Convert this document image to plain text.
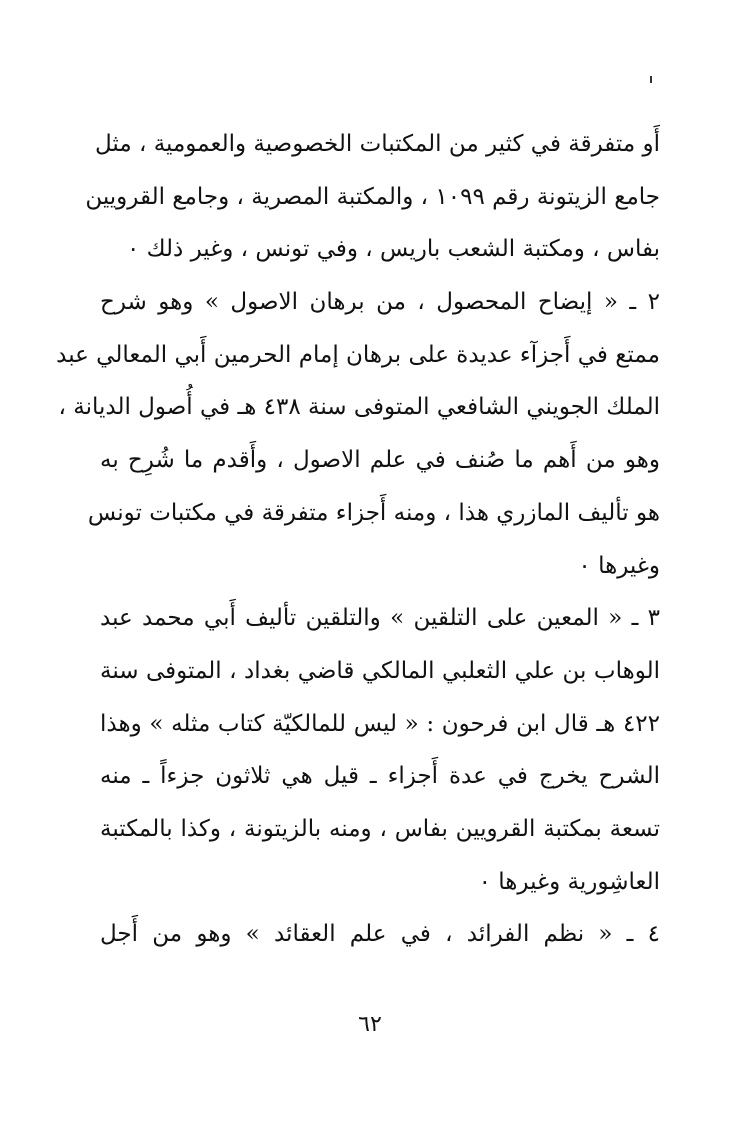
أَو متفرقة في كثير من المكتبات الخصوصية والعمومية ، مثل
جامع الزيتونة رقم ١٠٩٩ ، والمكتبة المصرية ، وجامع القرويين
بفاس ، ومكتبة الشعب باريس ، وفي تونس ، وغير ذلك ٠
٢ ـ « إيضاح المحصول ، من برهان الاصول » وهو شرح
ممتع في أَجزآء عديدة على برهان إمام الحرمين أَبي المعالي عبد
الملك الجويني الشافعي المتوفى سنة ٤٣٨ هـ في أُصول الديانة ،
وهو من أَهم ما صُنف في علم الاصول ، وأَقدم ما شُرِح به
هو تأليف المازري هذا ، ومنه أَجزاء متفرقة في مكتبات تونس
وغيرها ٠
٣ ـ « المعين على التلقين » والتلقين تأليف أَبي محمد عبد
الوهاب بن علي الثعلبي المالكي قاضي بغداد ، المتوفى سنة
٤٢٢ هـ قال ابن فرحون : « ليس للمالكيّة كتاب مثله » وهذا
الشرح يخرج في عدة أَجزاء ـ قيل هي ثلاثون جزءاً ـ منه
تسعة بمكتبة القرويين بفاس ، ومنه بالزيتونة ، وكذا بالمكتبة
العاشِورية وغيرها ٠
٤ ـ « نظم الفرائد ، في علم العقائد » وهو من أَجل
٦٢
